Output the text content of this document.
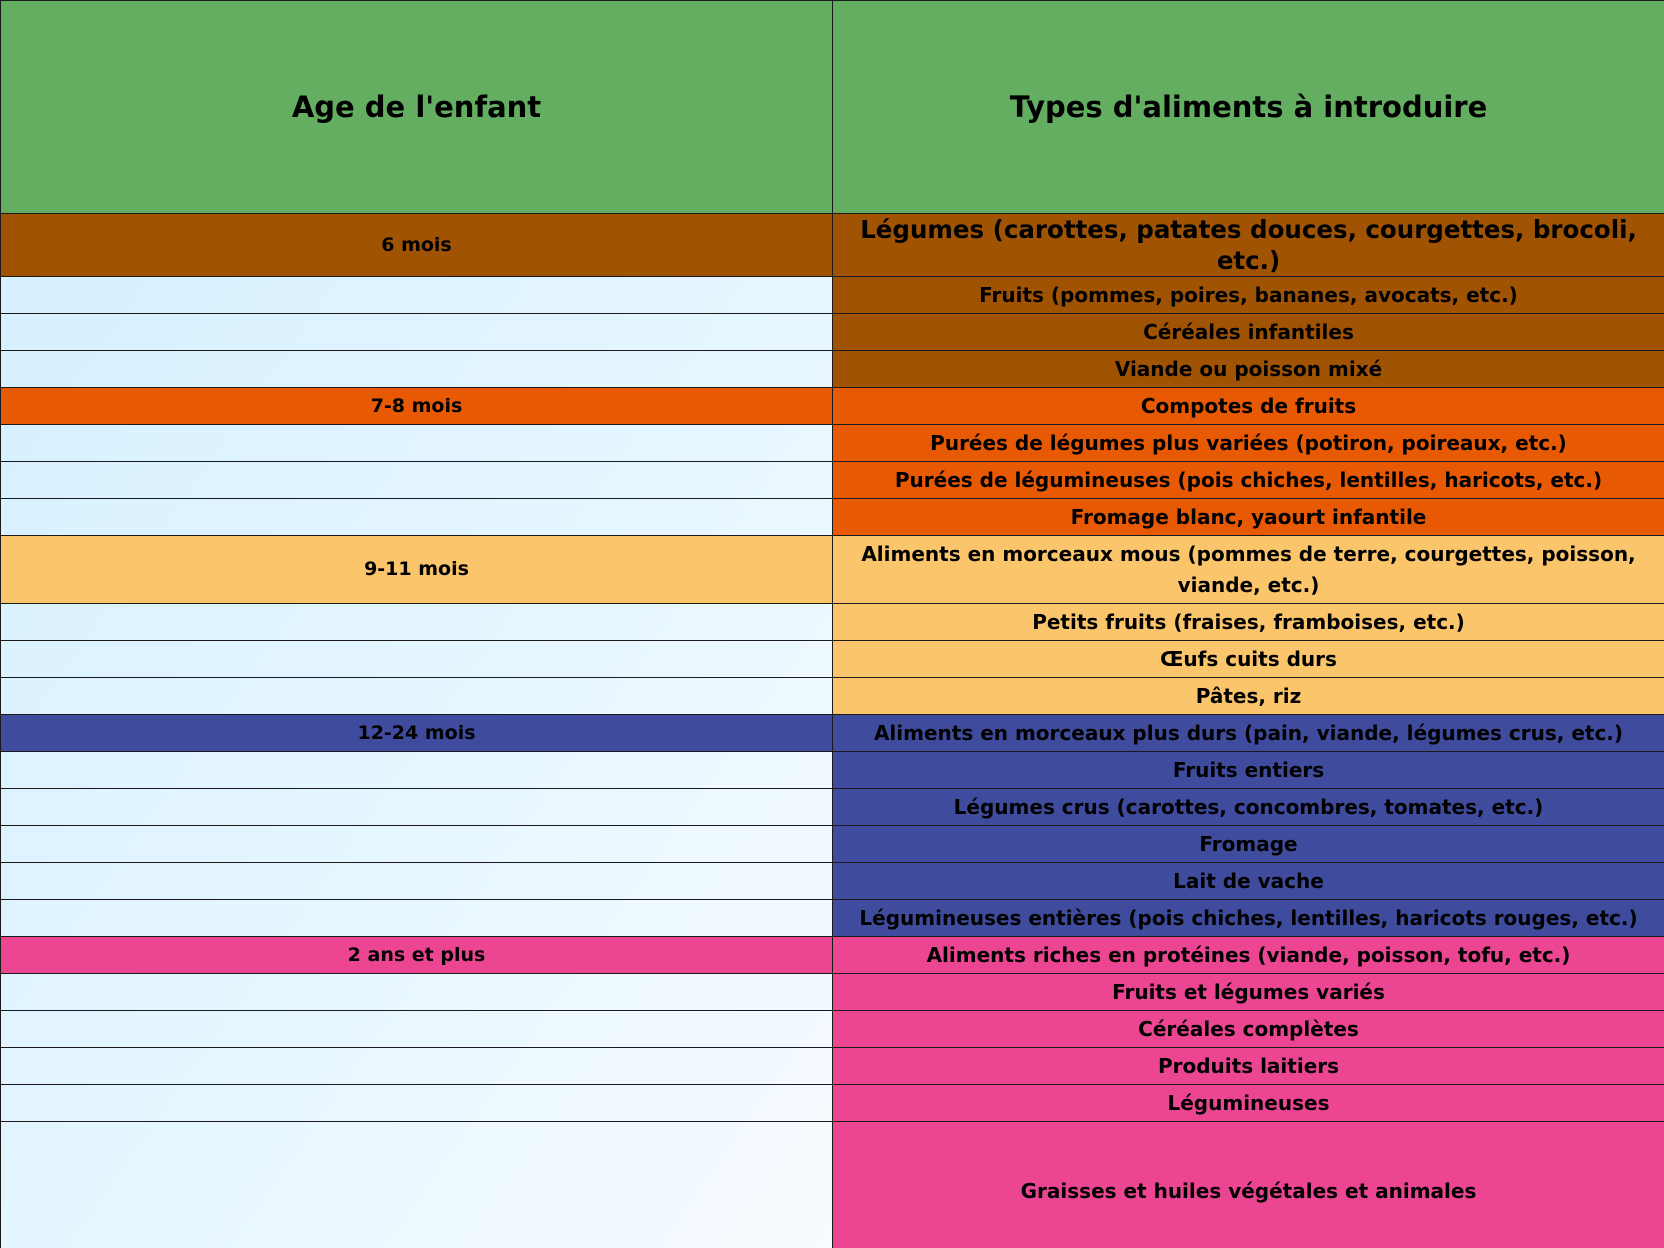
Age de l'enfant	Types d'aliments à introduire
6 mois	Légumes (carottes, patates douces, courgettes, brocoli, etc.)
	Fruits (pommes, poires, bananes, avocats, etc.)
	Céréales infantiles
	Viande ou poisson mixé
7-8 mois	Compotes de fruits
	Purées de légumes plus variées (potiron, poireaux, etc.)
	Purées de légumineuses (pois chiches, lentilles, haricots, etc.)
	Fromage blanc, yaourt infantile
9-11 mois	Aliments en morceaux mous (pommes de terre, courgettes, poisson, viande, etc.)
	Petits fruits (fraises, framboises, etc.)
	Œufs cuits durs
	Pâtes, riz
12-24 mois	Aliments en morceaux plus durs (pain, viande, légumes crus, etc.)
	Fruits entiers
	Légumes crus (carottes, concombres, tomates, etc.)
	Fromage
	Lait de vache
	Légumineuses entières (pois chiches, lentilles, haricots rouges, etc.)
2 ans et plus	Aliments riches en protéines (viande, poisson, tofu, etc.)
	Fruits et légumes variés
	Céréales complètes
	Produits laitiers
	Légumineuses
	Graisses et huiles végétales et animales
